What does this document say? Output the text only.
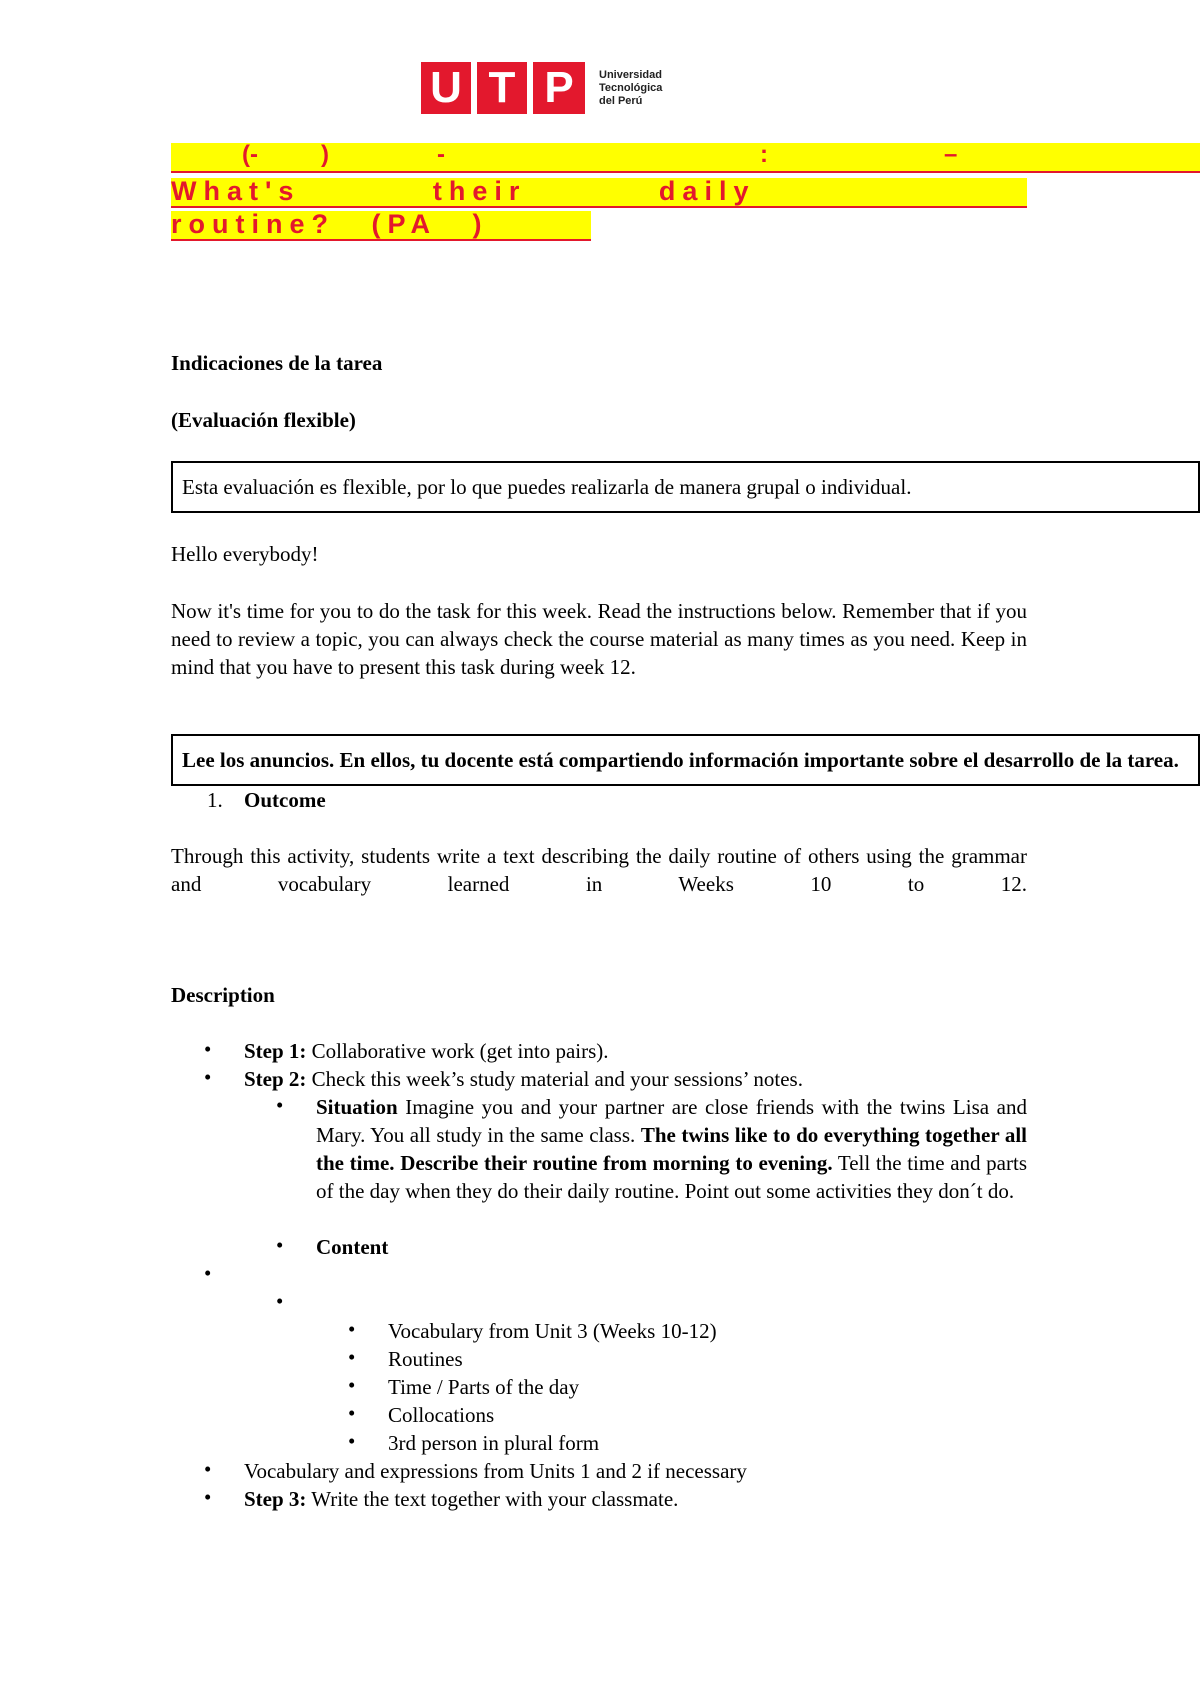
U T P	Universidad
Tecnológica
del Perú
(-	)	-	:	–
What's their daily
routine? (PA )
Indicaciones de la tarea
(Evaluación flexible)
Esta evaluación es flexible, por lo que puedes realizarla de manera grupal o individual.
Hello everybody!
Now it's time for you to do the task for this week. Read the instructions below. Remember that if you need to review a topic, you can always check the course material as many times as you need. Keep in mind that you have to present this task during week 12.
Lee los anuncios. En ellos, tu docente está compartiendo información importante sobre el desarrollo de la tarea.
1. Outcome
Through this activity, students write a text describing the daily routine of others using the grammar and vocabulary learned in Weeks 10 to 12.
Description
• Step 1: Collaborative work (get into pairs).
• Step 2: Check this week’s study material and your sessions’ notes.
• Situation Imagine you and your partner are close friends with the twins Lisa and Mary. You all study in the same class. The twins like to do everything together all the time. Describe their routine from morning to evening. Tell the time and parts of the day when they do their daily routine. Point out some activities they don´t do.
• Content
•
•
• Vocabulary from Unit 3 (Weeks 10-12)
• Routines
• Time / Parts of the day
• Collocations
• 3rd person in plural form
• Vocabulary and expressions from Units 1 and 2 if necessary
• Step 3: Write the text together with your classmate.
